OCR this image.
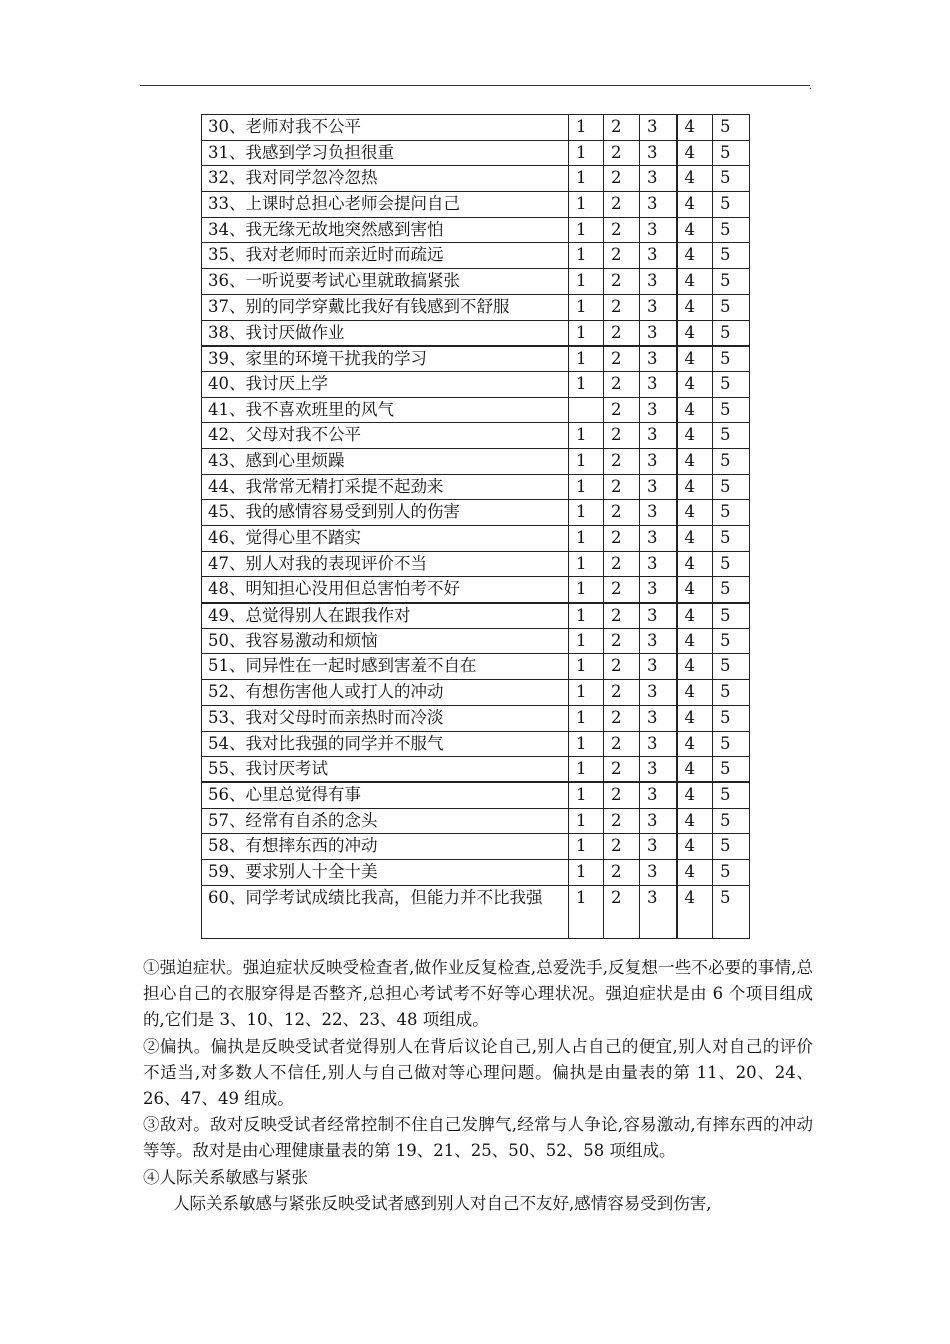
.
30、老师对我不公平	1	2	3	4	5
31、我感到学习负担很重	1	2	3	4	5
32、我对同学忽冷忽热	1	2	3	4	5
33、上课时总担心老师会提问自己	1	2	3	4	5
34、我无缘无故地突然感到害怕	1	2	3	4	5
35、我对老师时而亲近时而疏远	1	2	3	4	5
36、一听说要考试心里就敢搞紧张	1	2	3	4	5
37、别的同学穿戴比我好有钱感到不舒服	1	2	3	4	5
38、我讨厌做作业	1	2	3	4	5
39、家里的环境干扰我的学习	1	2	3	4	5
40、我讨厌上学	1	2	3	4	5
41、我不喜欢班里的风气		2	3	4	5
42、父母对我不公平	1	2	3	4	5
43、感到心里烦躁	1	2	3	4	5
44、我常常无精打采提不起劲来	1	2	3	4	5
45、我的感情容易受到别人的伤害	1	2	3	4	5
46、觉得心里不踏实	1	2	3	4	5
47、别人对我的表现评价不当	1	2	3	4	5
48、明知担心没用但总害怕考不好	1	2	3	4	5
49、总觉得别人在跟我作对	1	2	3	4	5
50、我容易激动和烦恼	1	2	3	4	5
51、同异性在一起时感到害羞不自在	1	2	3	4	5
52、有想伤害他人或打人的冲动	1	2	3	4	5
53、我对父母时而亲热时而冷淡	1	2	3	4	5
54、我对比我强的同学并不服气	1	2	3	4	5
55、我讨厌考试	1	2	3	4	5
56、心里总觉得有事	1	2	3	4	5
57、经常有自杀的念头	1	2	3	4	5
58、有想摔东西的冲动	1	2	3	4	5
59、要求别人十全十美	1	2	3	4	5
60、同学考试成绩比我高，但能力并不比我强	1	2	3	4	5

①强迫症状。强迫症状反映受检查者,做作业反复检查,总爱洗手,反复想一些不必要的事情,总担心自己的衣服穿得是否整齐,总担心考试考不好等心理状况。强迫症状是由 6 个项目组成的,它们是 3、10、12、22、23、48 项组成。

②偏执。偏执是反映受试者觉得别人在背后议论自己,别人占自己的便宜,别人对自己的评价不适当,对多数人不信任,别人与自己做对等心理问题。偏执是由量表的第 11、20、24、26、47、49 组成。

③敌对。敌对反映受试者经常控制不住自己发脾气,经常与人争论,容易激动,有摔东西的冲动等等。敌对是由心理健康量表的第 19、21、25、50、52、58 项组成。

④人际关系敏感与紧张

人际关系敏感与紧张反映受试者感到别人对自己不友好,感情容易受到伤害,
